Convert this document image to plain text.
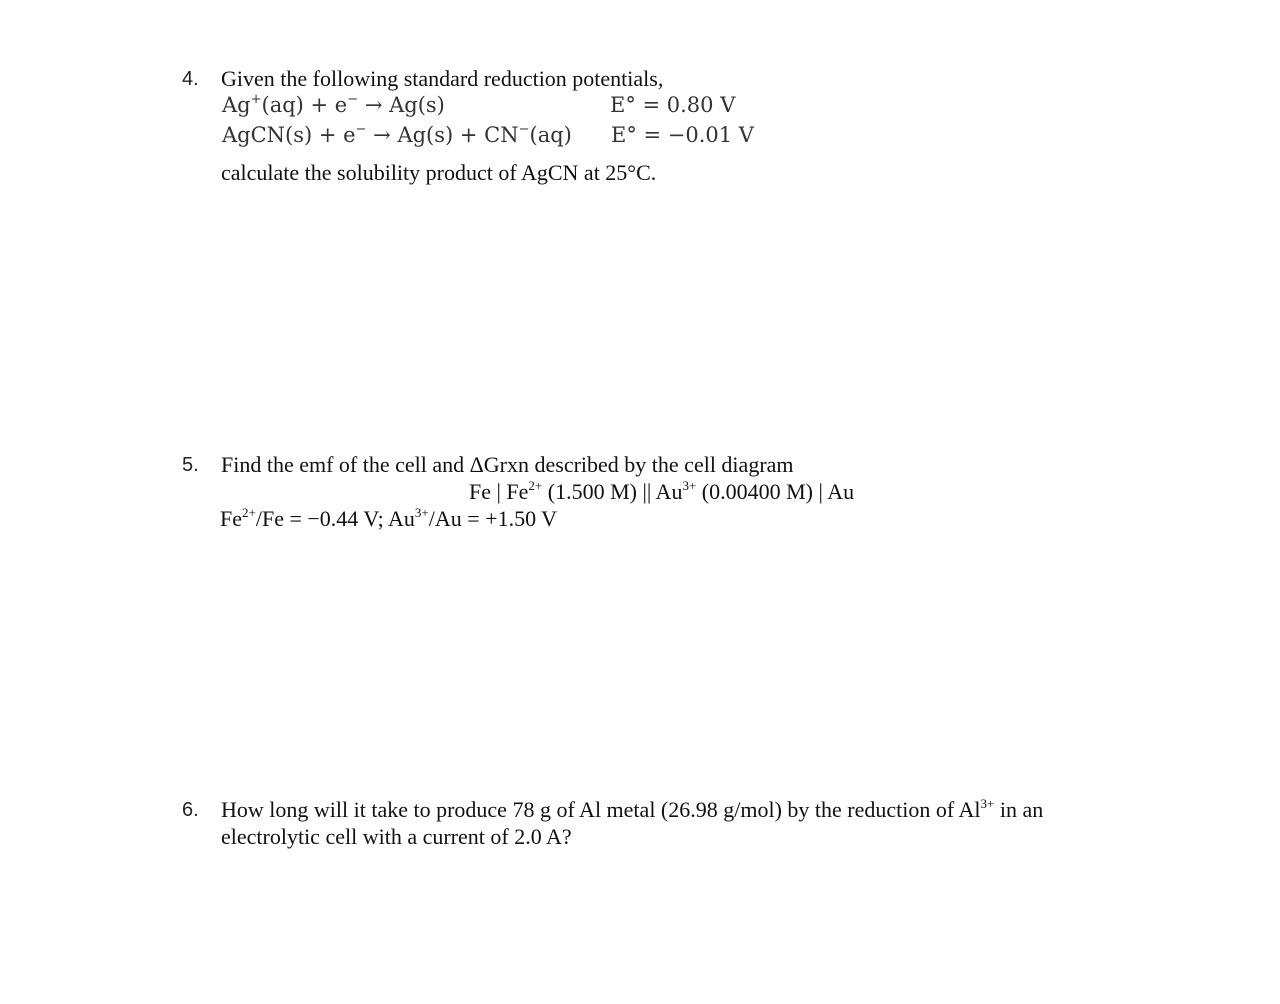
4. Given the following standard reduction potentials,
Ag+(aq) + e− → Ag(s)	E° = 0.80 V
AgCN(s) + e− → Ag(s) + CN−(aq) E° = −0.01 V
calculate the solubility product of AgCN at 25°C.
5. Find the emf of the cell and ΔGrxn described by the cell diagram
Fe | $Fe^{2+}$ (1.500 M) || $Au^{3+}$ (0.00400 M) | Au
$Fe^{2+}/Fe = -0.44$ V; $Au^{3+}/Au = +1.50$ V
6. How long will it take to produce 78 g of Al metal (26.98 g/mol) by the reduction of $Al^{3+}$ in an
electrolytic cell with a current of 2.0 A?
